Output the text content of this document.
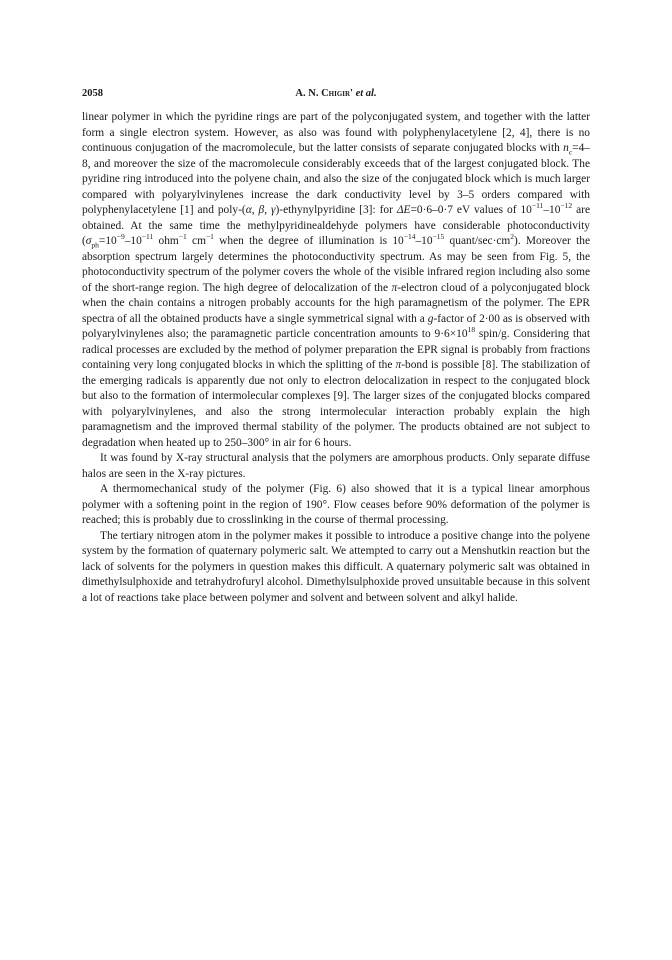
2058	A. N. Chigir' et al.

linear polymer in which the pyridine rings are part of the polyconjugated system, and together with the latter form a single electron system. However, as also was found with polyphenylacetylene [2, 4], there is no continuous conjugation of the macromolecule, but the latter consists of separate conjugated blocks with $n_c=4-8$, and moreover the size of the macromolecule considerably exceeds that of the largest conjugated block. The pyridine ring introduced into the polyene chain, and also the size of the conjugated block which is much larger compared with polyarylvinylenes increase the dark conductivity level by 3–5 orders compared with polyphenylacetylene [1] and poly-(α, β, γ)-ethynylpyridine [3]: for ΔE=0·6–0·7 eV values of $10^{-11}-10^{-12}$ are obtained. At the same time the methylpyridinealdehyde polymers have considerable photoconductivity ($\sigma_{ph}=10^{-9}-10^{-11}$ ohm$^{-1}$ $cm^{-1}$ when the degree of illumination is $10^{-14}-10^{-15}$ quant/$\sec\cdot cm^2$). Moreover the absorption spectrum largely determines the photoconductivity spectrum. As may be seen from Fig. 5, the photoconductivity spectrum of the polymer covers the whole of the visible infrared region including also some of the short-range region. The high degree of delocalization of the π-electron cloud of a polyconjugated block when the chain contains a nitrogen probably accounts for the high paramagnetism of the polymer. The EPR spectra of all the obtained products have a single symmetrical signal with a g-factor of 2·00 as is observed with polyarylvinylenes also; the paramagnetic particle concentration amounts to $9\cdot 6\times 10^{18}$ spin/g. Considering that radical processes are excluded by the method of polymer preparation the EPR signal is probably from fractions containing very long conjugated blocks in which the splitting of the π-bond is possible [8]. The stabilization of the emerging radicals is apparently due not only to electron delocalization in respect to the conjugated block but also to the formation of intermolecular complexes [9]. The larger sizes of the conjugated blocks compared with polyarylvinylenes, and also the strong intermolecular interaction probably explain the high paramagnetism and the improved thermal stability of the polymer. The products obtained are not subject to degradation when heated up to 250–300° in air for 6 hours.

It was found by X-ray structural analysis that the polymers are amorphous products. Only separate diffuse halos are seen in the X-ray pictures.

A thermomechanical study of the polymer (Fig. 6) also showed that it is a typical linear amorphous polymer with a softening point in the region of 190°. Flow ceases before 90% deformation of the polymer is reached; this is probably due to crosslinking in the course of thermal processing.

The tertiary nitrogen atom in the polymer makes it possible to introduce a positive change into the polyene system by the formation of quaternary polymeric salt. We attempted to carry out a Menshutkin reaction but the lack of solvents for the polymers in question makes this difficult. A quaternary polymeric salt was obtained in dimethylsulphoxide and tetrahydrofuryl alcohol. Dimethylsulphoxide proved unsuitable because in this solvent a lot of reactions take place between polymer and solvent and between solvent and alkyl halide.
